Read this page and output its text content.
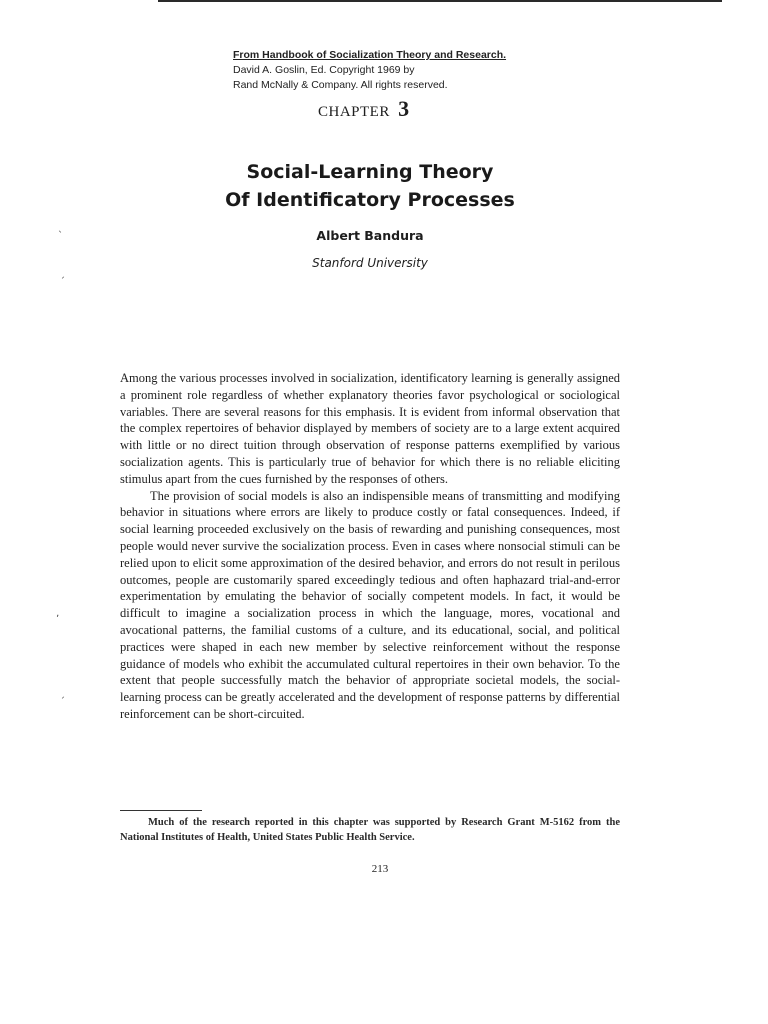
ˎ
ˏ
ʼ
ˏ
From Handbook of Socialization Theory and Research.
David A. Goslin, Ed. Copyright 1969 by
Rand McNally & Company. All rights reserved.
CHAPTER 3
Social-Learning Theory
Of Identificatory Processes
Albert Bandura
Stanford University

Among the various processes involved in socialization, identificatory learning is generally assigned a prominent role regardless of whether explanatory theories favor psychological or sociological variables. There are several reasons for this emphasis. It is evident from informal observation that the complex repertoires of behavior displayed by members of society are to a large extent acquired with little or no direct tuition through observation of response patterns exemplified by various socialization agents. This is particularly true of behavior for which there is no reliable eliciting stimulus apart from the cues furnished by the responses of others.

The provision of social models is also an indispensible means of transmitting and modifying behavior in situations where errors are likely to produce costly or fatal consequences. Indeed, if social learning proceeded exclusively on the basis of rewarding and punishing consequences, most people would never survive the socialization process. Even in cases where nonsocial stimuli can be relied upon to elicit some approximation of the desired behavior, and errors do not result in perilous outcomes, people are customarily spared exceedingly tedious and often haphazard trial-and-error experimentation by emulating the behavior of socially competent models. In fact, it would be difficult to imagine a socialization process in which the language, mores, vocational and avocational patterns, the familial customs of a culture, and its educational, social, and political practices were shaped in each new member by selective reinforcement without the response guidance of models who exhibit the accumulated cultural repertoires in their own behavior. To the extent that people successfully match the behavior of appropriate societal models, the social-learning process can be greatly accelerated and the development of response patterns by differential reinforcement can be short-circuited.

Much of the research reported in this chapter was supported by Research Grant M-5162 from the National Institutes of Health, United States Public Health Service.
213
